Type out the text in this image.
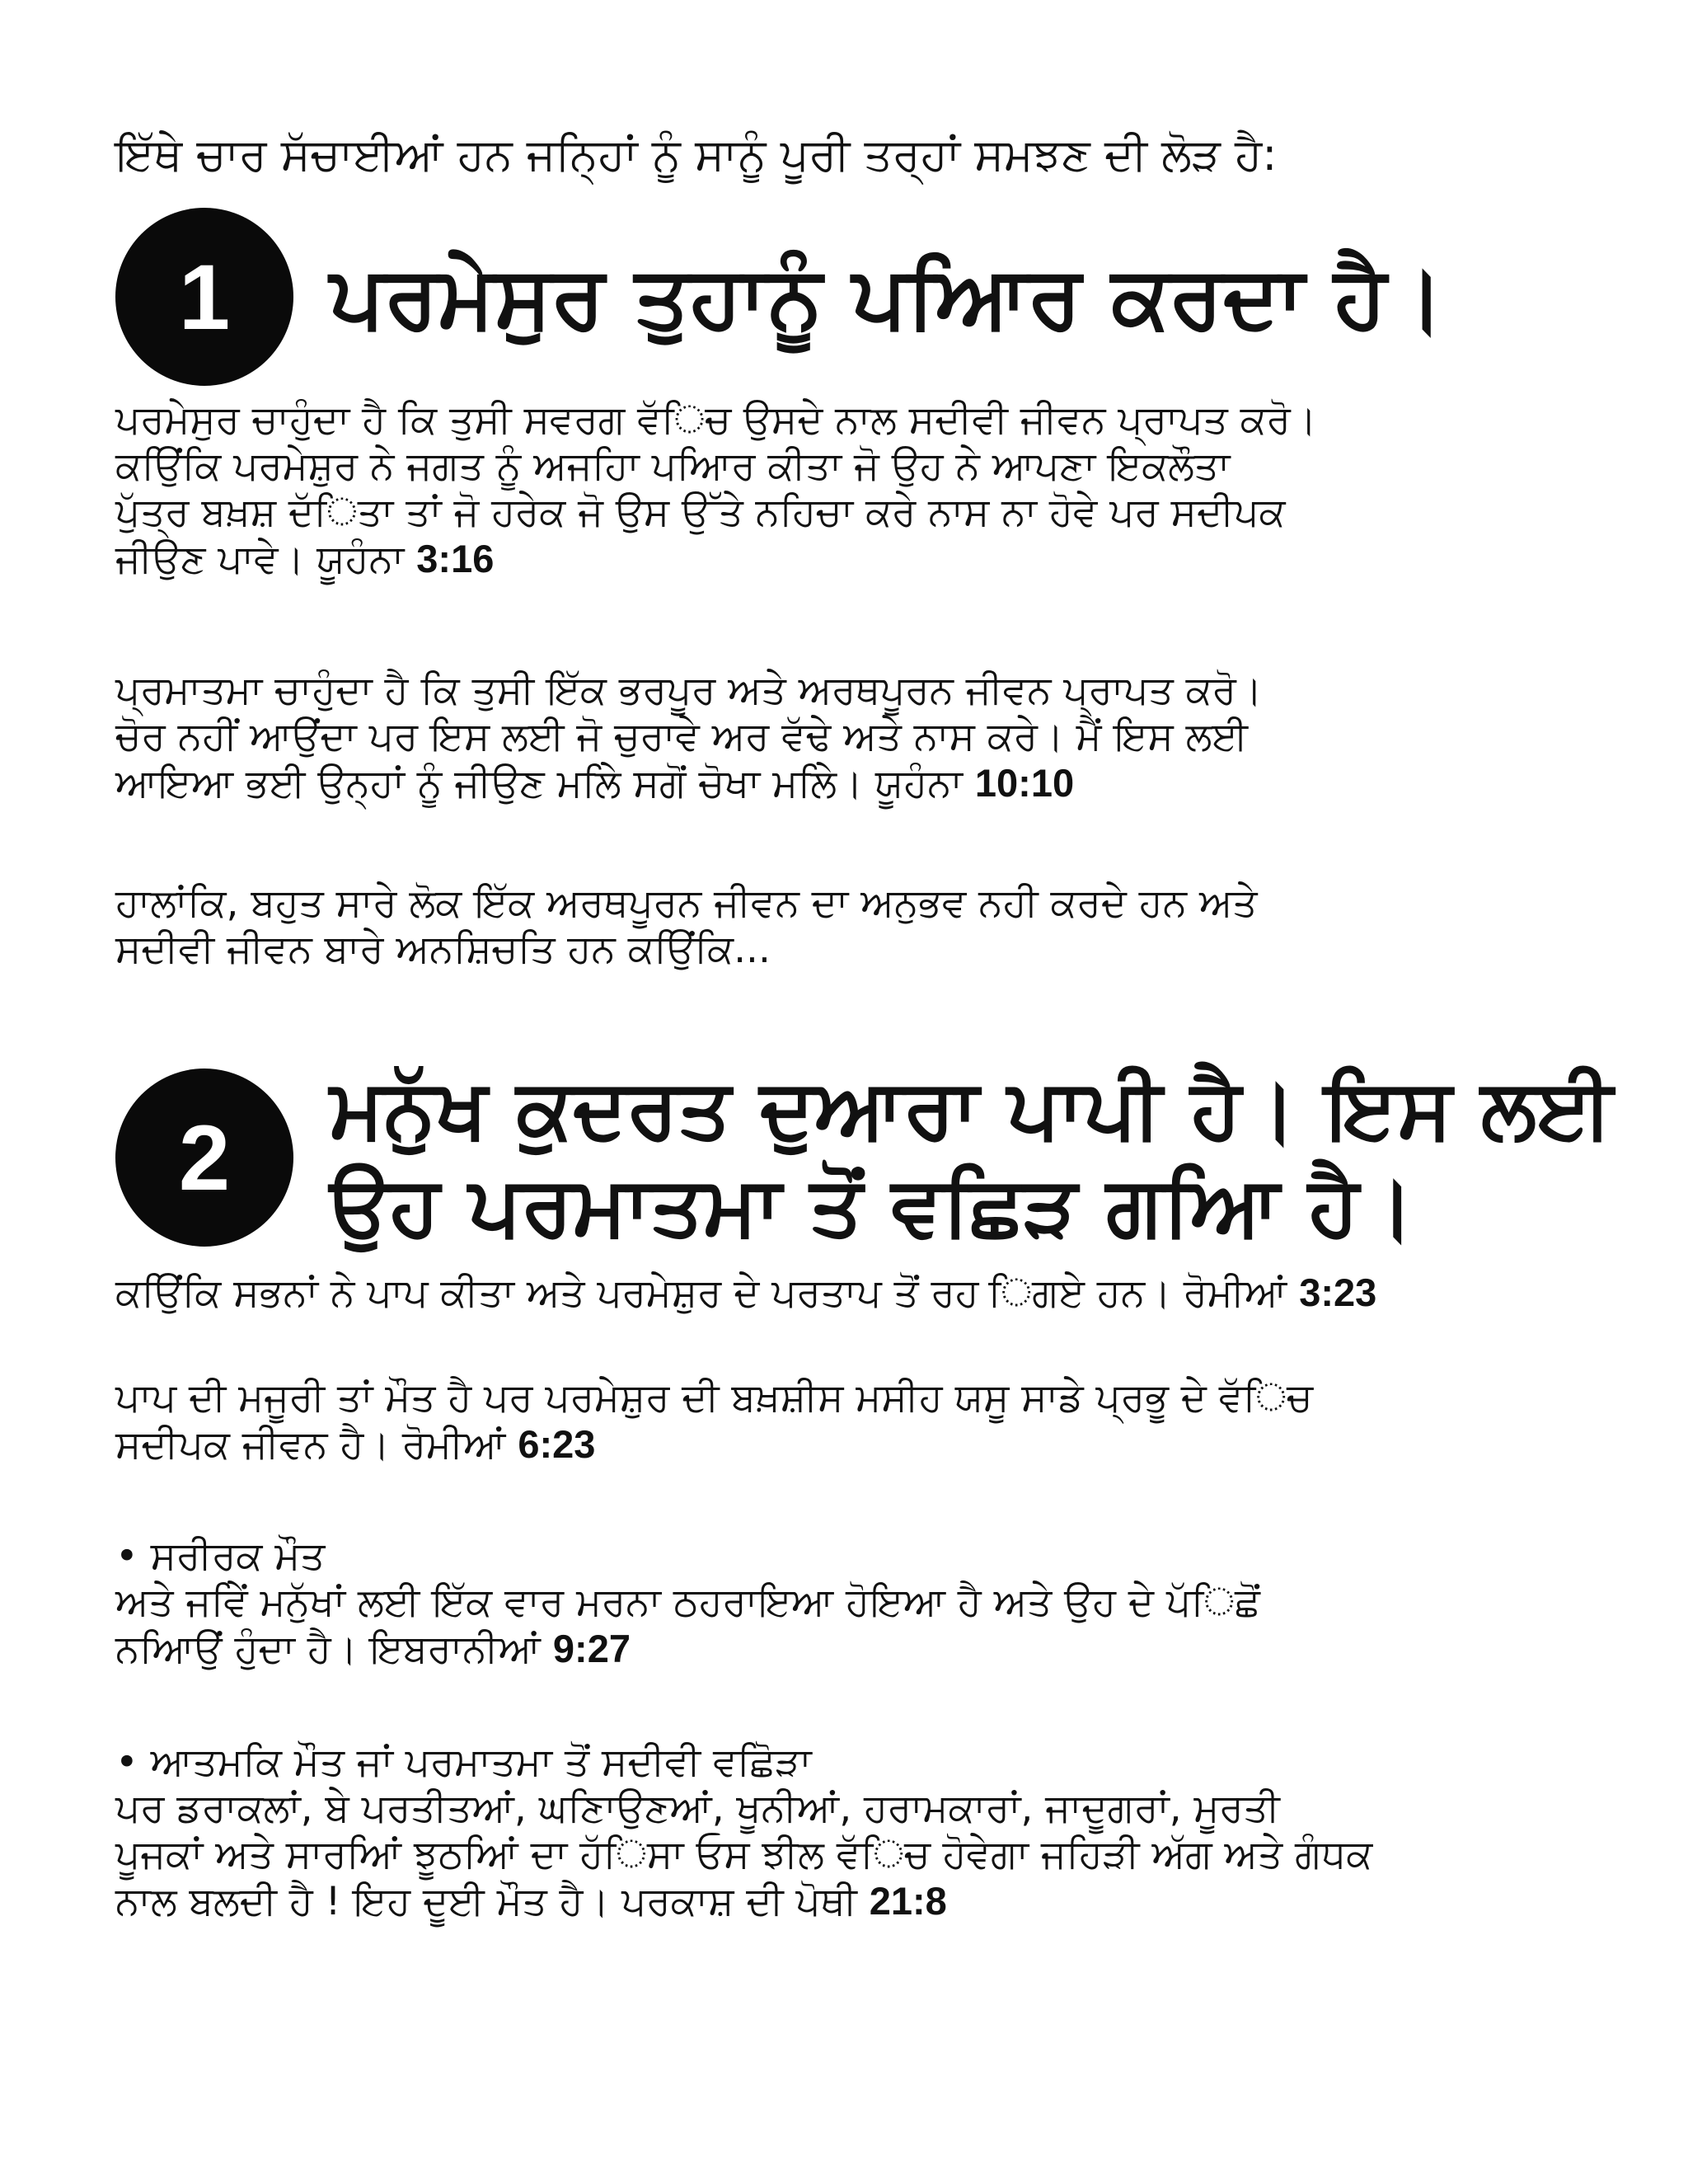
ਇੱਥੇ ਚਾਰ ਸੱਚਾਈਆਂ ਹਨ ਜਨਿ੍ਹਾਂ ਨੂੰ ਸਾਨੂੰ ਪੂਰੀ ਤਰ੍ਹਾਂ ਸਮਝਣ ਦੀ ਲੋੜ ਹੈ:
1	ਪਰਮੇਸੁਰ ਤੁਹਾਨੂੰ ਪਆਿਰ ਕਰਦਾ ਹੈ।
ਪਰਮੇਸੁਰ ਚਾਹੁੰਦਾ ਹੈ ਕਿ ਤੁਸੀ ਸਵਰਗ ਵੱਿਚ ਉਸਦੇ ਨਾਲ ਸਦੀਵੀ ਜੀਵਨ ਪ੍ਰਾਪਤ ਕਰੋ।
ਕਉਿਂਕਿ ਪਰਮੇਸ਼ੁਰ ਨੇ ਜਗਤ ਨੂੰ ਅਜਹਿਾ ਪਆਿਰ ਕੀਤਾ ਜੋ ਉਹ ਨੇ ਆਪਣਾ ਇਕਲੌਤਾ
ਪੁੱਤ੍ਰ ਬਖ਼ਸ਼ ਦੱਿਤਾ ਤਾਂ ਜੋ ਹਰੇਕ ਜੋ ਉਸ ਉੱਤੇ ਨਹਿਚਾ ਕਰੇ ਨਾਸ ਨਾ ਹੋਵੇ ਪਰ ਸਦੀਪਕ
ਜੀਉਣ ਪਾਵੇ। ਯੂਹੰਨਾ 3:16
ਪ੍ਰਮਾਤਮਾ ਚਾਹੁੰਦਾ ਹੈ ਕਿ ਤੁਸੀ ਇੱਕ ਭਰਪੂਰ ਅਤੇ ਅਰਥਪੂਰਨ ਜੀਵਨ ਪ੍ਰਾਪਤ ਕਰੋ।
ਚੋਰ ਨਹੀਂ ਆਉਂਦਾ ਪਰ ਇਸ ਲਈ ਜੋ ਚੁਰਾਵੇ ਅਰ ਵੱਢੇ ਅਤੇ ਨਾਸ ਕਰੇ। ਮੈਂ ਇਸ ਲਈ
ਆਇਆ ਭਈ ਉਨ੍ਹਾਂ ਨੂੰ ਜੀਉਣ ਮਲਿੇ ਸਗੋਂ ਚੋਖਾ ਮਲਿੇ। ਯੂਹੰਨਾ 10:10
ਹਾਲਾਂਕਿ, ਬਹੁਤ ਸਾਰੇ ਲੋਕ ਇੱਕ ਅਰਥਪੂਰਨ ਜੀਵਨ ਦਾ ਅਨੁਭਵ ਨਹੀ ਕਰਦੇ ਹਨ ਅਤੇ
ਸਦੀਵੀ ਜੀਵਨ ਬਾਰੇ ਅਨਸ਼ਿਚਤਿ ਹਨ ਕਉਿਂਕਿ...
2	ਮਨੁੱਖ ਕੁਦਰਤ ਦੁਆਰਾ ਪਾਪੀ ਹੈ। ਇਸ ਲਈ
ਉਹ ਪਰਮਾਤਮਾ ਤੋਂ ਵਛਿੜ ਗਆਿ ਹੈ।
ਕਉਿਂਕਿ ਸਭਨਾਂ ਨੇ ਪਾਪ ਕੀਤਾ ਅਤੇ ਪਰਮੇਸ਼ੁਰ ਦੇ ਪਰਤਾਪ ਤੋਂ ਰਹ ਿਗਏ ਹਨ। ਰੋਮੀਆਂ 3:23
ਪਾਪ ਦੀ ਮਜੂਰੀ ਤਾਂ ਮੌਤ ਹੈ ਪਰ ਪਰਮੇਸ਼ੁਰ ਦੀ ਬਖ਼ਸ਼ੀਸ ਮਸੀਹ ਯਸੂ ਸਾਡੇ ਪ੍ਰਭੂ ਦੇ ਵੱਿਚ
ਸਦੀਪਕ ਜੀਵਨ ਹੈ। ਰੋਮੀਆਂ 6:23
• ਸਰੀਰਕ ਮੌਤ
ਅਤੇ ਜਵਿੇਂ ਮਨੁੱਖਾਂ ਲਈ ਇੱਕ ਵਾਰ ਮਰਨਾ ਠਹਰਾਇਆ ਹੋਇਆ ਹੈ ਅਤੇ ਉਹ ਦੇ ਪੱਿਛੋਂ
ਨਆਿਉਂ ਹੁੰਦਾ ਹੈ। ਇਬਰਾਨੀਆਂ 9:27
• ਆਤਮਕਿ ਮੌਤ ਜਾਂ ਪਰਮਾਤਮਾ ਤੋਂ ਸਦੀਵੀ ਵਛਿੋੜਾ
ਪਰ ਡਰਾਕਲਾਂ, ਬੇ ਪਰਤੀਤਆਂ, ਘਣਿਾਉਣਆਂ, ਖੂਨੀਆਂ, ਹਰਾਮਕਾਰਾਂ, ਜਾਦੂਗਰਾਂ, ਮੂਰਤੀ
ਪੂਜਕਾਂ ਅਤੇ ਸਾਰਆਿਂ ਝੂਠਆਿਂ ਦਾ ਹੱਿਸਾ ਓਸ ਝੀਲ ਵੱਿਚ ਹੋਵੇਗਾ ਜਹਿੜੀ ਅੱਗ ਅਤੇ ਗੰਧਕ
ਨਾਲ ਬਲਦੀ ਹੈ ! ਇਹ ਦੂਈ ਮੌਤ ਹੈ। ਪਰਕਾਸ਼ ਦੀ ਪੋਥੀ 21:8
